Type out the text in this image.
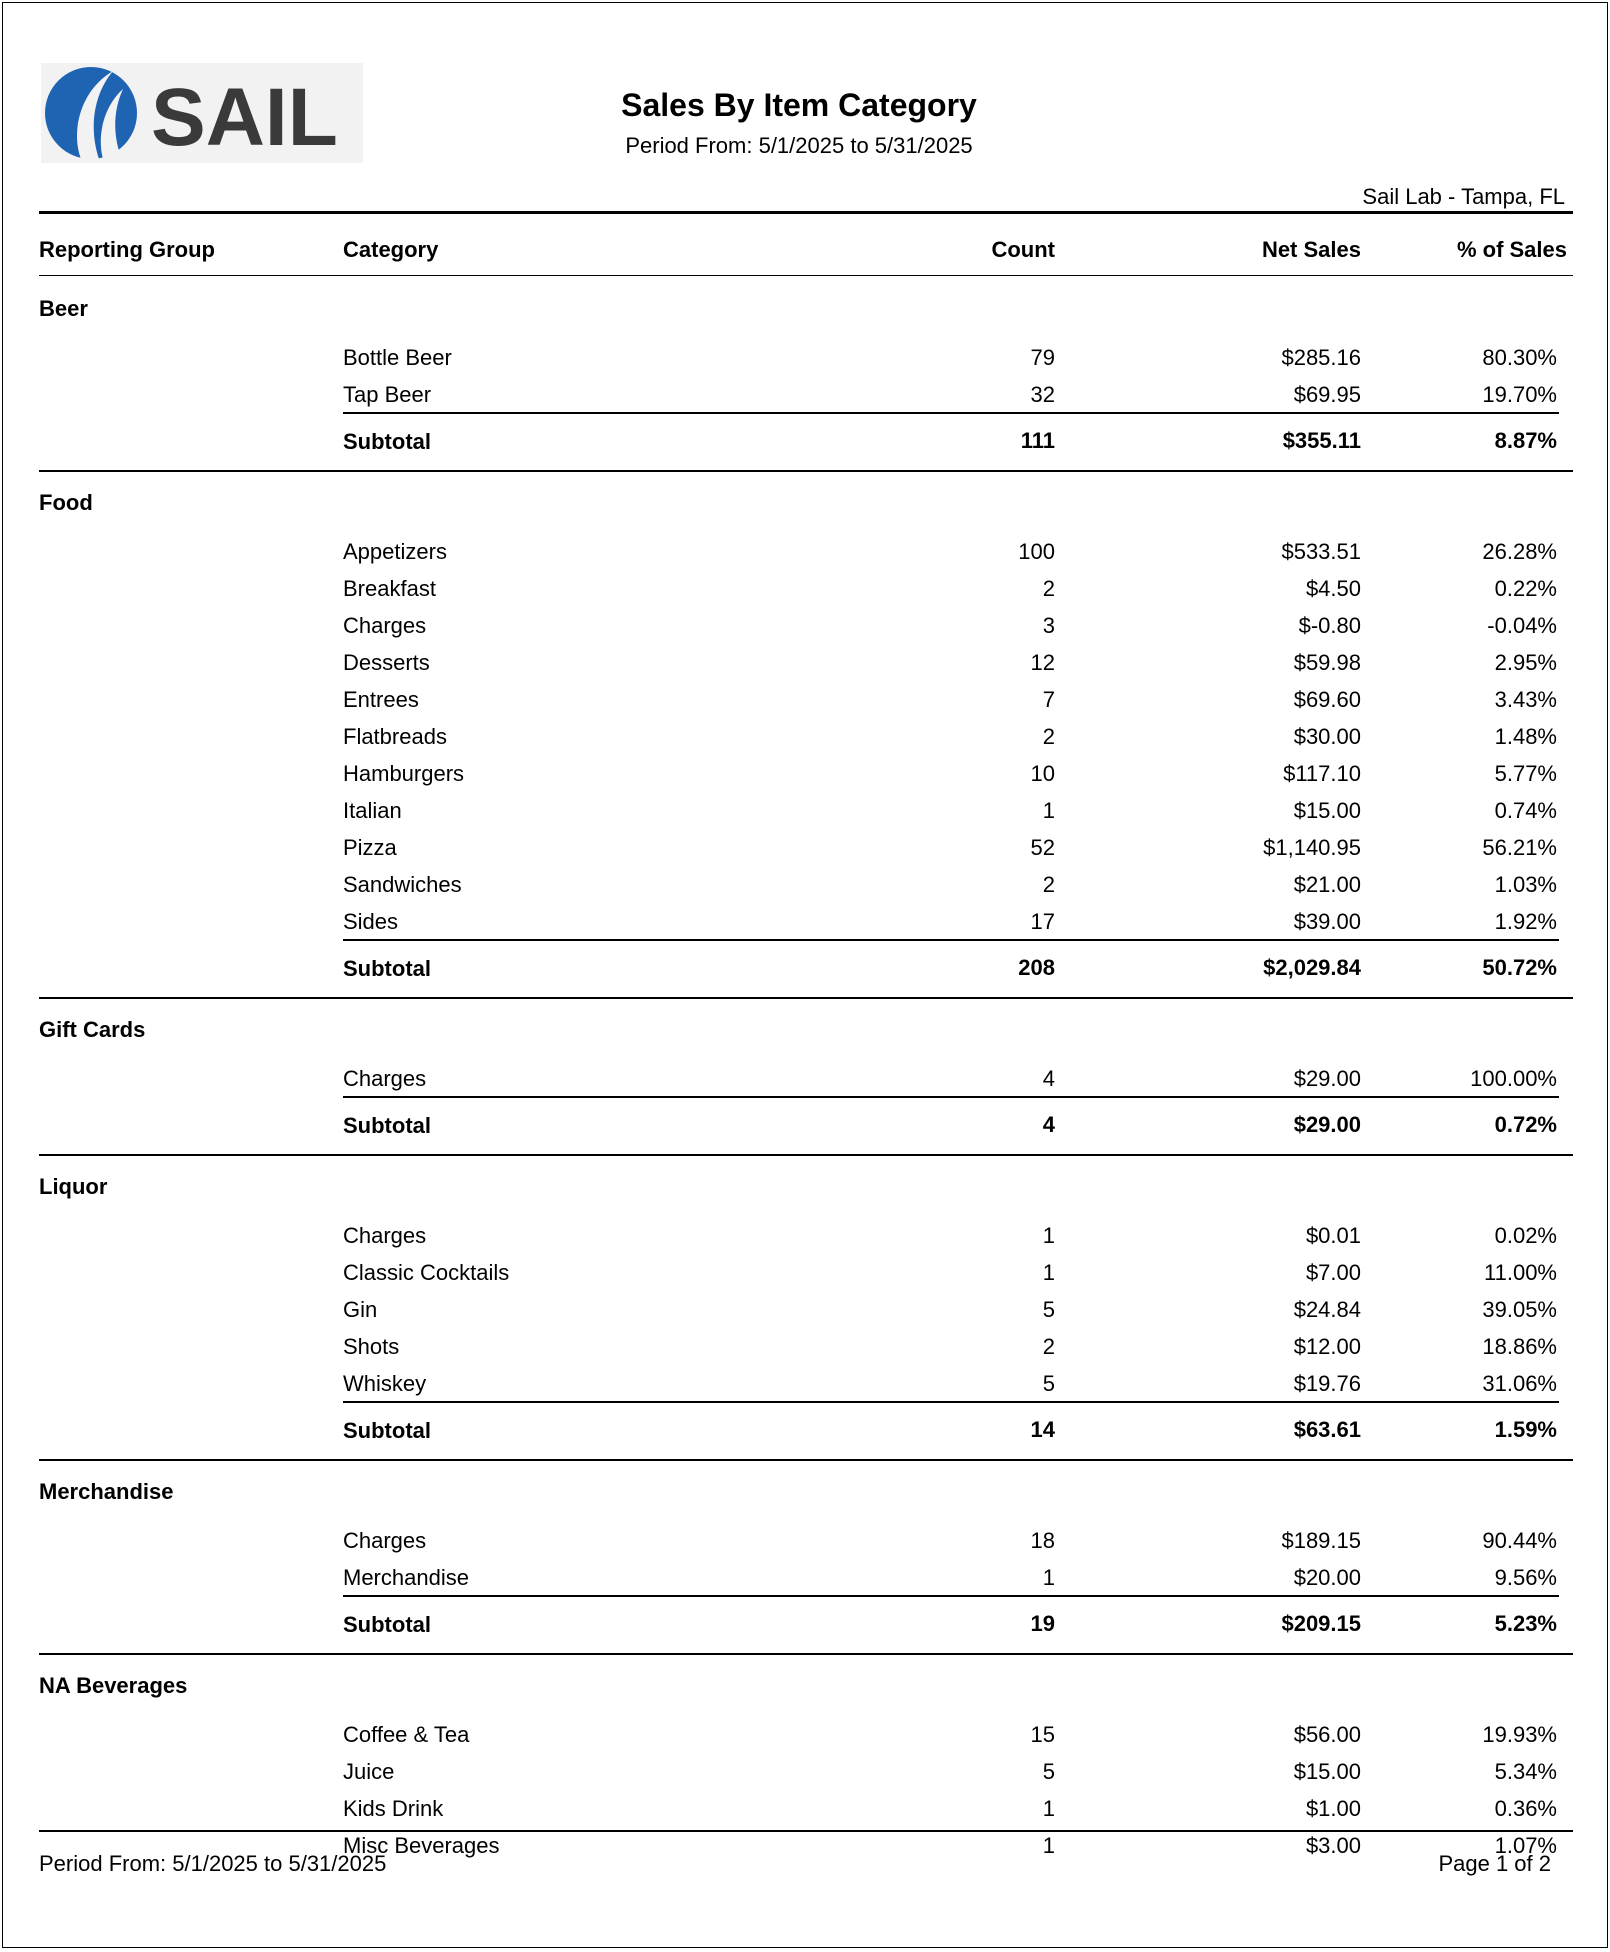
SAIL	Sales By Item Category
Period From: 5/1/2025 to 5/31/2025
Sail Lab - Tampa, FL
Reporting Group	Category	Count	Net Sales	% of Sales
Beer
Bottle Beer	79	$285.16	80.30%
Tap Beer	32	$69.95	19.70%
Subtotal	111	$355.11	8.87%
Food
Appetizers	100	$533.51	26.28%
Breakfast	2	$4.50	0.22%
Charges	3	$-0.80	-0.04%
Desserts	12	$59.98	2.95%
Entrees	7	$69.60	3.43%
Flatbreads	2	$30.00	1.48%
Hamburgers	10	$117.10	5.77%
Italian	1	$15.00	0.74%
Pizza	52	$1,140.95	56.21%
Sandwiches	2	$21.00	1.03%
Sides	17	$39.00	1.92%
Subtotal	208	$2,029.84	50.72%
Gift Cards
Charges	4	$29.00	100.00%
Subtotal	4	$29.00	0.72%
Liquor
Charges	1	$0.01	0.02%
Classic Cocktails	1	$7.00	11.00%
Gin	5	$24.84	39.05%
Shots	2	$12.00	18.86%
Whiskey	5	$19.76	31.06%
Subtotal	14	$63.61	1.59%
Merchandise
Charges	18	$189.15	90.44%
Merchandise	1	$20.00	9.56%
Subtotal	19	$209.15	5.23%
NA Beverages
Coffee & Tea	15	$56.00	19.93%
Juice	5	$15.00	5.34%
Kids Drink	1	$1.00	0.36%
Misc Beverages	1	$3.00	1.07%
Period From: 5/1/2025 to 5/31/2025	Page 1 of 2
